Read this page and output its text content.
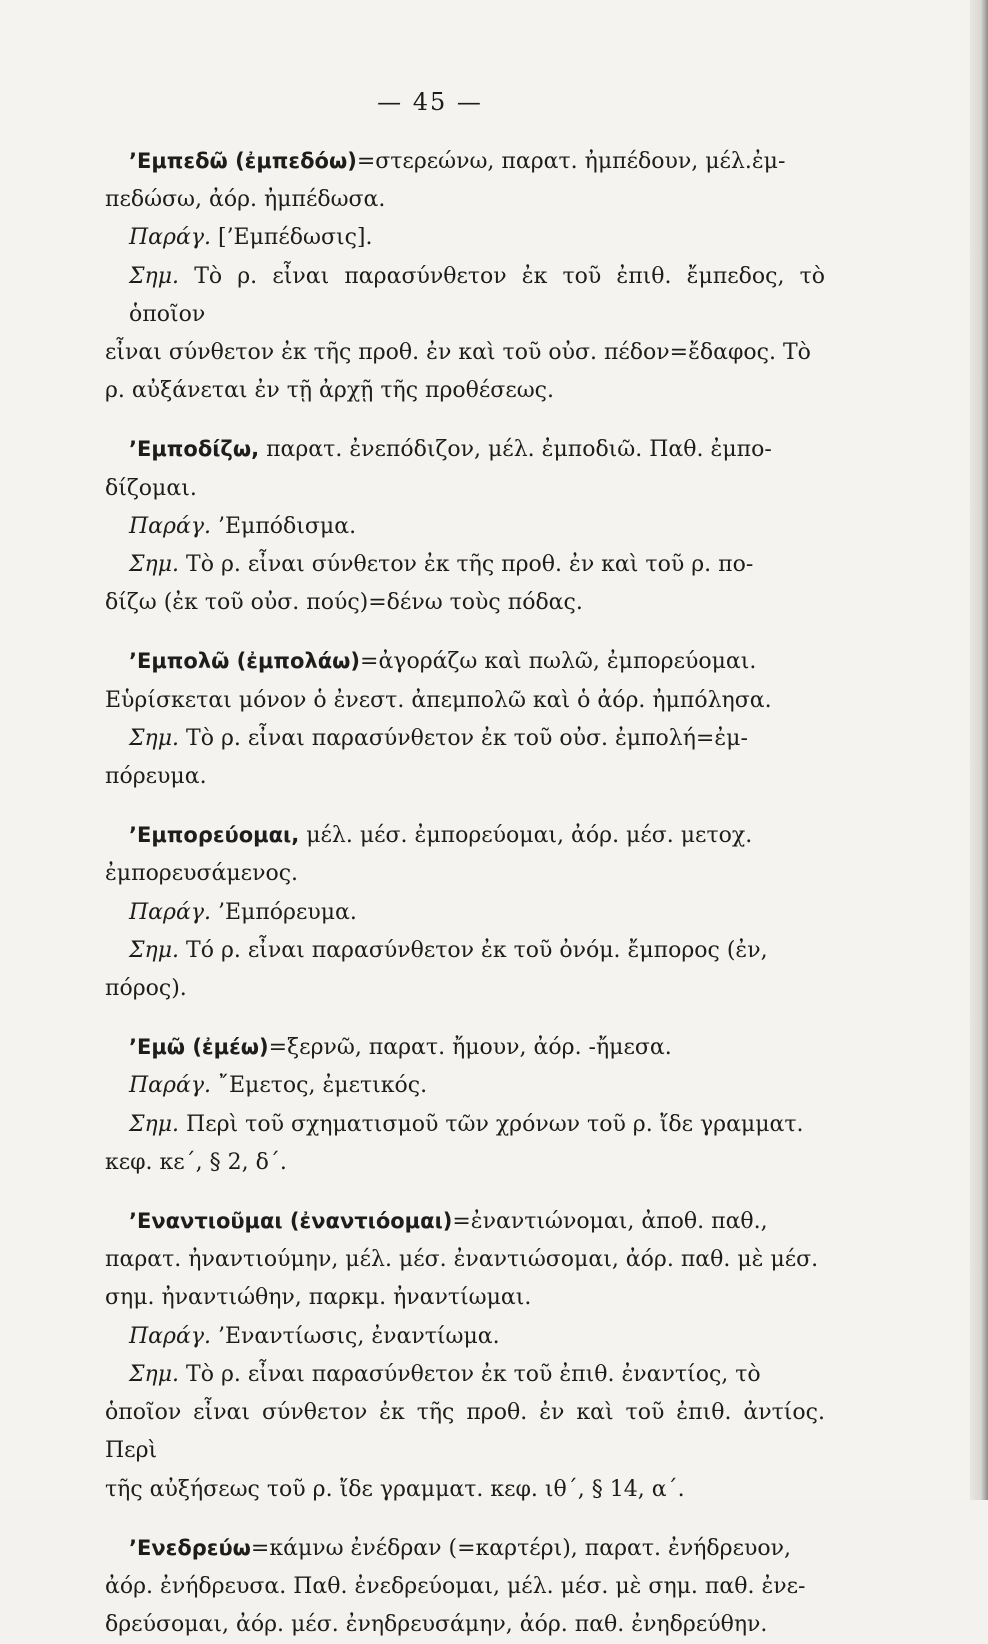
— 45 —
’Εμπεδῶ (ἐμπεδόω)=στερεώνω, παρατ. ἠμπέδουν, μέλ.ἐμ-
πεδώσω, ἀόρ. ἠμπέδωσα.
Παράγ. [’Εμπέδωσις].
Σημ. Τὸ ρ. εἶναι παρασύνθετον ἐκ τοῦ ἐπιθ. ἔμπεδος, τὸ ὁποῖον
εἶναι σύνθετον ἐκ τῆς προθ. ἐν καὶ τοῦ οὐσ. πέδον=ἔδαφος. Τὸ
ρ. αὐξάνεται ἐν τῇ ἀρχῇ τῆς προθέσεως.
’Εμποδίζω, παρατ. ἐνεπόδιζον, μέλ. ἐμποδιῶ. Παθ. ἐμπο-
δίζομαι.
Παράγ. ’Εμπόδισμα.
Σημ. Τὸ ρ. εἶναι σύνθετον ἐκ τῆς προθ. ἐν καὶ τοῦ ρ. πο-
δίζω (ἐκ τοῦ οὐσ. πούς)=δένω τοὺς πόδας.
’Εμπολῶ (ἐμπολάω)=ἀγοράζω καὶ πωλῶ, ἐμπορεύομαι.
Εὑρίσκεται μόνον ὁ ἐνεστ. ἀπεμπολῶ καὶ ὁ ἀόρ. ἠμπόλησα.
Σημ. Τὸ ρ. εἶναι παρασύνθετον ἐκ τοῦ οὐσ. ἐμπολή=ἐμ-
πόρευμα.
’Εμπορεύομαι, μέλ. μέσ. ἐμπορεύομαι, ἀόρ. μέσ. μετοχ.
ἐμπορευσάμενος.
Παράγ. ’Εμπόρευμα.
Σημ. Τό ρ. εἶναι παρασύνθετον ἐκ τοῦ ὀνόμ. ἔμπορος (ἐν,
πόρος).
’Εμῶ (ἐμέω)=ξερνῶ, παρατ. ἤμουν, ἀόρ. -ἤμεσα.
Παράγ. ῎Εμετος, ἐμετικός.
Σημ. Περὶ τοῦ σχηματισμοῦ τῶν χρόνων τοῦ ρ. ἴδε γραμματ.
κεφ. κε΄, § 2, δ΄.
’Εναντιοῦμαι (ἐναντιόομαι)=ἐναντιώνομαι, ἀποθ. παθ.,
παρατ. ἠναντιούμην, μέλ. μέσ. ἐναντιώσομαι, ἀόρ. παθ. μὲ μέσ.
σημ. ἠναντιώθην, παρκμ. ἠναντίωμαι.
Παράγ. ’Εναντίωσις, ἐναντίωμα.
Σημ. Τὸ ρ. εἶναι παρασύνθετον ἐκ τοῦ ἐπιθ. ἐναντίος, τὸ
ὁποῖον εἶναι σύνθετον ἐκ τῆς προθ. ἐν καὶ τοῦ ἐπιθ. ἀντίος. Περὶ
τῆς αὐξήσεως τοῦ ρ. ἴδε γραμματ. κεφ. ιθ΄, § 14, α΄.
’Ενεδρεύω=κάμνω ἐνέδραν (=καρτέρι), παρατ. ἐνήδρευον,
ἀόρ. ἐνήδρευσα. Παθ. ἐνεδρεύομαι, μέλ. μέσ. μὲ σημ. παθ. ἐνε-
δρεύσομαι, ἀόρ. μέσ. ἐνηδρευσάμην, ἀόρ. παθ. ἐνηδρεύθην.
